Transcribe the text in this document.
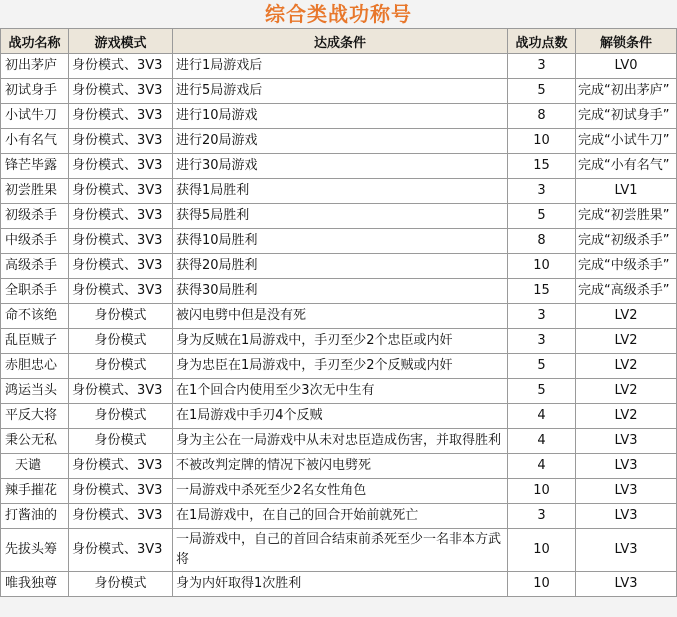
综合类战功称号
战功名称	游戏模式	达成条件	战功点数	解锁条件
初出茅庐	身份模式、3V3	进行1局游戏后	3	LV0
初试身手	身份模式、3V3	进行5局游戏后	5	完成“初出茅庐”
小试牛刀	身份模式、3V3	进行10局游戏	8	完成“初试身手”
小有名气	身份模式、3V3	进行20局游戏	10	完成“小试牛刀”
锋芒毕露	身份模式、3V3	进行30局游戏	15	完成“小有名气”
初尝胜果	身份模式、3V3	获得1局胜利	3	LV1
初级杀手	身份模式、3V3	获得5局胜利	5	完成“初尝胜果”
中级杀手	身份模式、3V3	获得10局胜利	8	完成“初级杀手”
高级杀手	身份模式、3V3	获得20局胜利	10	完成“中级杀手”
全职杀手	身份模式、3V3	获得30局胜利	15	完成“高级杀手”
命不该绝	身份模式	被闪电劈中但是没有死	3	LV2
乱臣贼子	身份模式	身为反贼在1局游戏中，手刃至少2个忠臣或内奸	3	LV2
赤胆忠心	身份模式	身为忠臣在1局游戏中，手刃至少2个反贼或内奸	5	LV2
鸿运当头	身份模式、3V3	在1个回合内使用至少3次无中生有	5	LV2
平反大将	身份模式	在1局游戏中手刃4个反贼	4	LV2
秉公无私	身份模式	身为主公在一局游戏中从未对忠臣造成伤害，并取得胜利	4	LV3
天谴	身份模式、3V3	不被改判定牌的情况下被闪电劈死	4	LV3
辣手摧花	身份模式、3V3	一局游戏中杀死至少2名女性角色	10	LV3
打酱油的	身份模式、3V3	在1局游戏中，在自己的回合开始前就死亡	3	LV3
先拔头筹	身份模式、3V3	一局游戏中，自己的首回合结束前杀死至少一名非本方武将	10	LV3
唯我独尊	身份模式	身为内奸取得1次胜利	10	LV3
